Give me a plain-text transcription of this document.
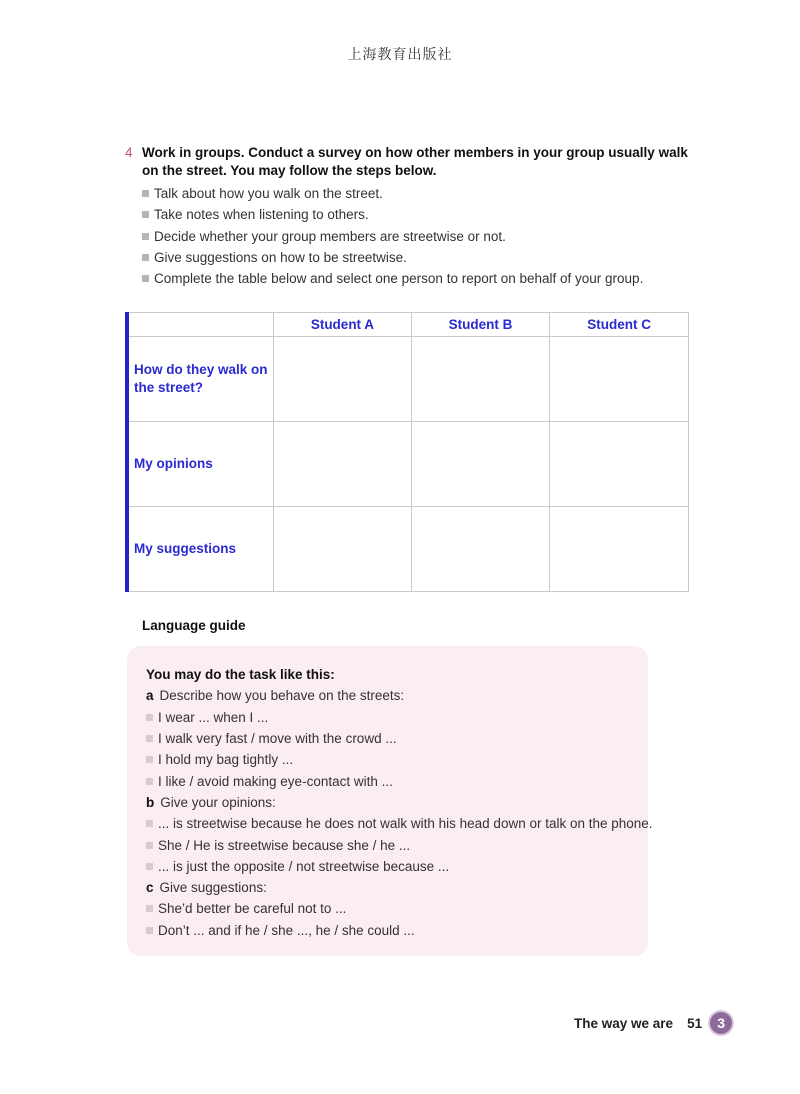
上海教育出版社
4 Work in groups. Conduct a survey on how other members in your group usually walk on the street. You may follow the steps below.
Talk about how you walk on the street.
Take notes when listening to others.
Decide whether your group members are streetwise or not.
Give suggestions on how to be streetwise.
Complete the table below and select one person to report on behalf of your group.
	Student A	Student B	Student C
How do they walk on the street?			
My opinions			
My suggestions			
Language guide
You may do the task like this:
a Describe how you behave on the streets:
I wear ... when I ...
I walk very fast / move with the crowd ...
I hold my bag tightly ...
I like / avoid making eye-contact with ...
b Give your opinions:
... is streetwise because he does not walk with his head down or talk on the phone.
She / He is streetwise because she / he ...
... is just the opposite / not streetwise because ...
c Give suggestions:
She’d better be careful not to ...
Don’t ... and if he / she ..., he / she could ...
The way we are 51	3
